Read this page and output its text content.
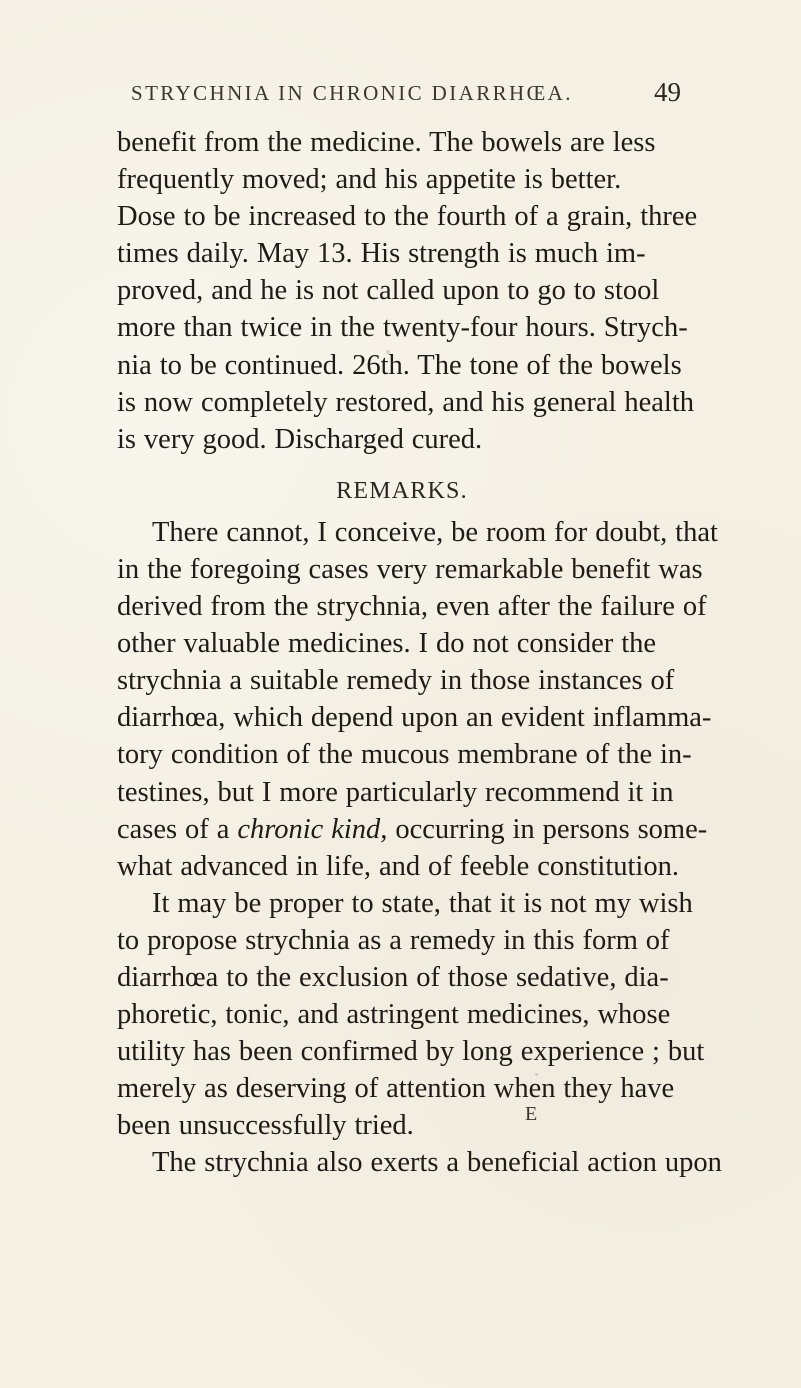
STRYCHNIA IN CHRONIC DIARRHŒA.	49
benefit from the medicine. The bowels are less
frequently moved; and his appetite is better.
Dose to be increased to the fourth of a grain, three
times daily. May 13. His strength is much im-
proved, and he is not called upon to go to stool
more than twice in the twenty-four hours. Strych-
nia to be continued. 26th. The tone of the bowels
is now completely restored, and his general health
is very good. Discharged cured.
REMARKS.
There cannot, I conceive, be room for doubt, that
in the foregoing cases very remarkable benefit was
derived from the strychnia, even after the failure of
other valuable medicines. I do not consider the
strychnia a suitable remedy in those instances of
diarrhœa, which depend upon an evident inflamma-
tory condition of the mucous membrane of the in-
testines, but I more particularly recommend it in
cases of a chronic kind, occurring in persons some-
what advanced in life, and of feeble constitution.
It may be proper to state, that it is not my wish
to propose strychnia as a remedy in this form of
diarrhœa to the exclusion of those sedative, dia-
phoretic, tonic, and astringent medicines, whose
utility has been confirmed by long experience ; but
merely as deserving of attention when they have
been unsuccessfully tried.
The strychnia also exerts a beneficial action upon
E
